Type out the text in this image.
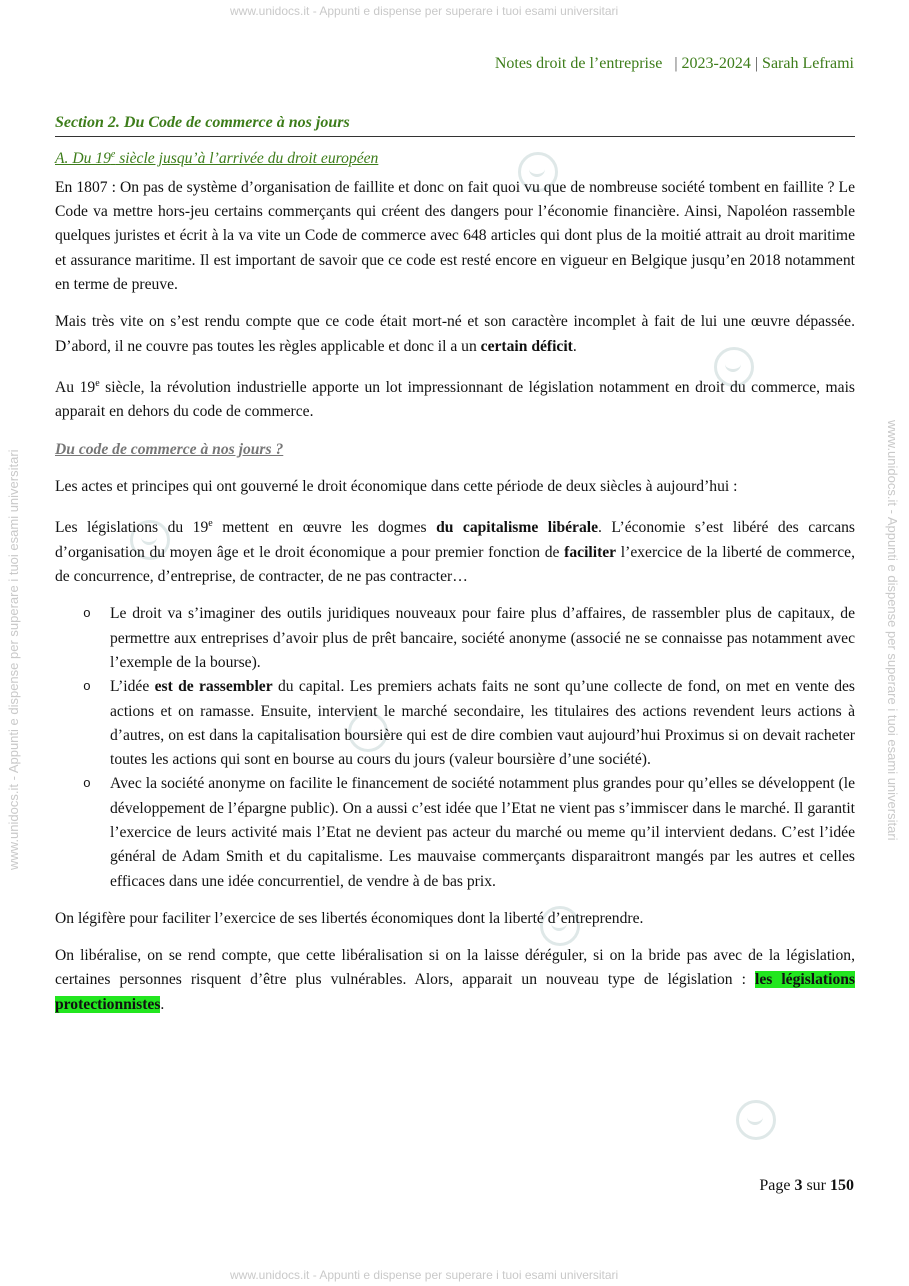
www.unidocs.it - Appunti e dispense per superare i tuoi esami universitari
www.unidocs.it - Appunti e dispense per superare i tuoi esami universitari
www.unidocs.it - Appunti e dispense per superare i tuoi esami universitari
www.unidocs.it - Appunti e dispense per superare i tuoi esami universitari
Notes droit de l’entreprise | 2023-2024 | Sarah Leframi
Section 2. Du Code de commerce à nos jours
A. Du 19e siècle jusqu’à l’arrivée du droit européen

En 1807 : On pas de système d’organisation de faillite et donc on fait quoi vu que de nombreuse société tombent en faillite ? Le Code va mettre hors-jeu certains commerçants qui créent des dangers pour l’économie financière. Ainsi, Napoléon rassemble quelques juristes et écrit à la va vite un Code de commerce avec 648 articles qui dont plus de la moitié attrait au droit maritime et assurance maritime. Il est important de savoir que ce code est resté encore en vigueur en Belgique jusqu’en 2018 notamment en terme de preuve.

Mais très vite on s’est rendu compte que ce code était mort-né et son caractère incomplet à fait de lui une œuvre dépassée. D’abord, il ne couvre pas toutes les règles applicable et donc il a un certain déficit.

Au 19e siècle, la révolution industrielle apporte un lot impressionnant de législation notamment en droit du commerce, mais apparait en dehors du code de commerce.

Du code de commerce à nos jours ?

Les actes et principes qui ont gouverné le droit économique dans cette période de deux siècles à aujourd’hui :

Les législations du 19e mettent en œuvre les dogmes du capitalisme libérale. L’économie s’est libéré des carcans d’organisation du moyen âge et le droit économique a pour premier fonction de faciliter l’exercice de la liberté de commerce, de concurrence, d’entreprise, de contracter, de ne pas contracter…

o Le droit va s’imaginer des outils juridiques nouveaux pour faire plus d’affaires, de rassembler plus de capitaux, de permettre aux entreprises d’avoir plus de prêt bancaire, société anonyme (associé ne se connaisse pas notamment avec l’exemple de la bourse).
o L’idée est de rassembler du capital. Les premiers achats faits ne sont qu’une collecte de fond, on met en vente des actions et on ramasse. Ensuite, intervient le marché secondaire, les titulaires des actions revendent leurs actions à d’autres, on est dans la capitalisation boursière qui est de dire combien vaut aujourd’hui Proximus si on devait racheter toutes les actions qui sont en bourse au cours du jours (valeur boursière d’une société).
o Avec la société anonyme on facilite le financement de société notamment plus grandes pour qu’elles se développent (le développement de l’épargne public). On a aussi c’est idée que l’Etat ne vient pas s’immiscer dans le marché. Il garantit l’exercice de leurs activité mais l’Etat ne devient pas acteur du marché ou meme qu’il intervient dedans. C’est l’idée général de Adam Smith et du capitalisme. Les mauvaise commerçants disparaitront mangés par les autres et celles efficaces dans une idée concurrentiel, de vendre à de bas prix.

On légifère pour faciliter l’exercice de ses libertés économiques dont la liberté d’entreprendre.

On libéralise, on se rend compte, que cette libéralisation si on la laisse déréguler, si on la bride pas avec de la législation, certaines personnes risquent d’être plus vulnérables. Alors, apparait un nouveau type de législation : les législations protectionnistes.

Page 3 sur 150
